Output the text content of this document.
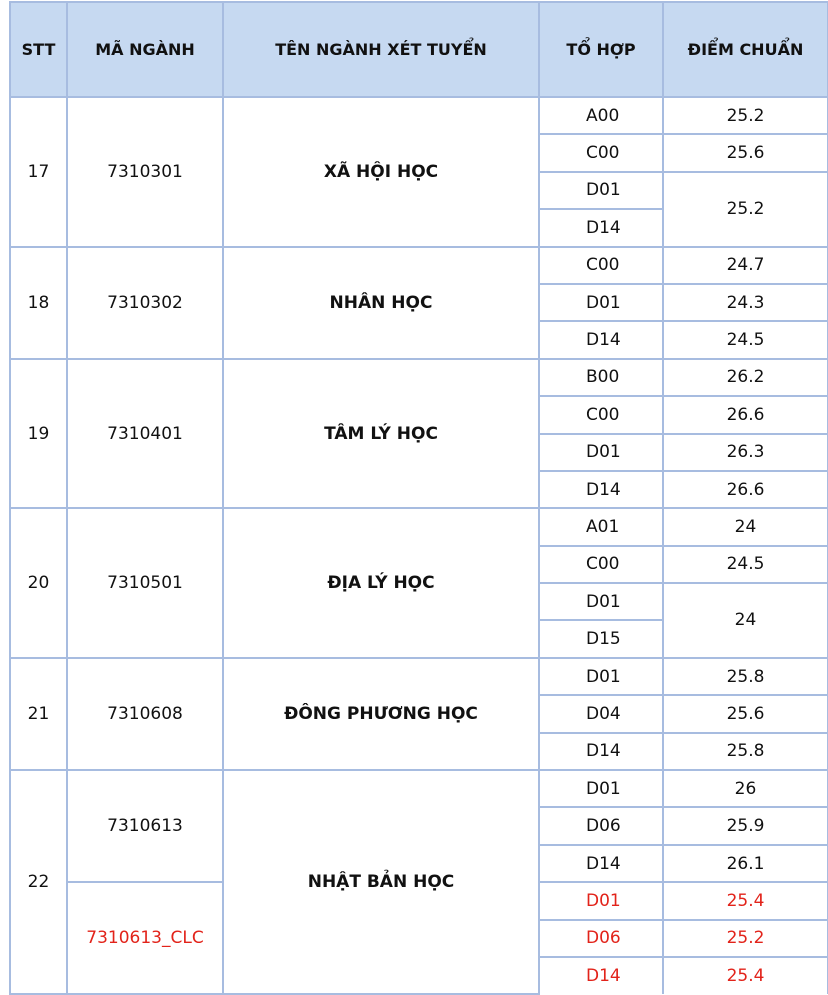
STT	MÃ NGÀNH	TÊN NGÀNH XÉT TUYỂN	TỔ HỢP	ĐIỂM CHUẨN
17	7310301	XÃ HỘI HỌC	A00	25.2
			C00	25.6
			D01	25.2
			D14	
18	7310302	NHÂN HỌC	C00	24.7
			D01	24.3
			D14	24.5
19	7310401	TÂM LÝ HỌC	B00	26.2
			C00	26.6
			D01	26.3
			D14	26.6
20	7310501	ĐỊA LÝ HỌC	A01	24
			C00	24.5
			D01	24
			D15	
21	7310608	ĐÔNG PHƯƠNG HỌC	D01	25.8
			D04	25.6
			D14	25.8
22	7310613	NHẬT BẢN HỌC	D01	26
			D06	25.9
			D14	26.1
	7310613_CLC		D01	25.4
			D06	25.2
			D14	25.4
